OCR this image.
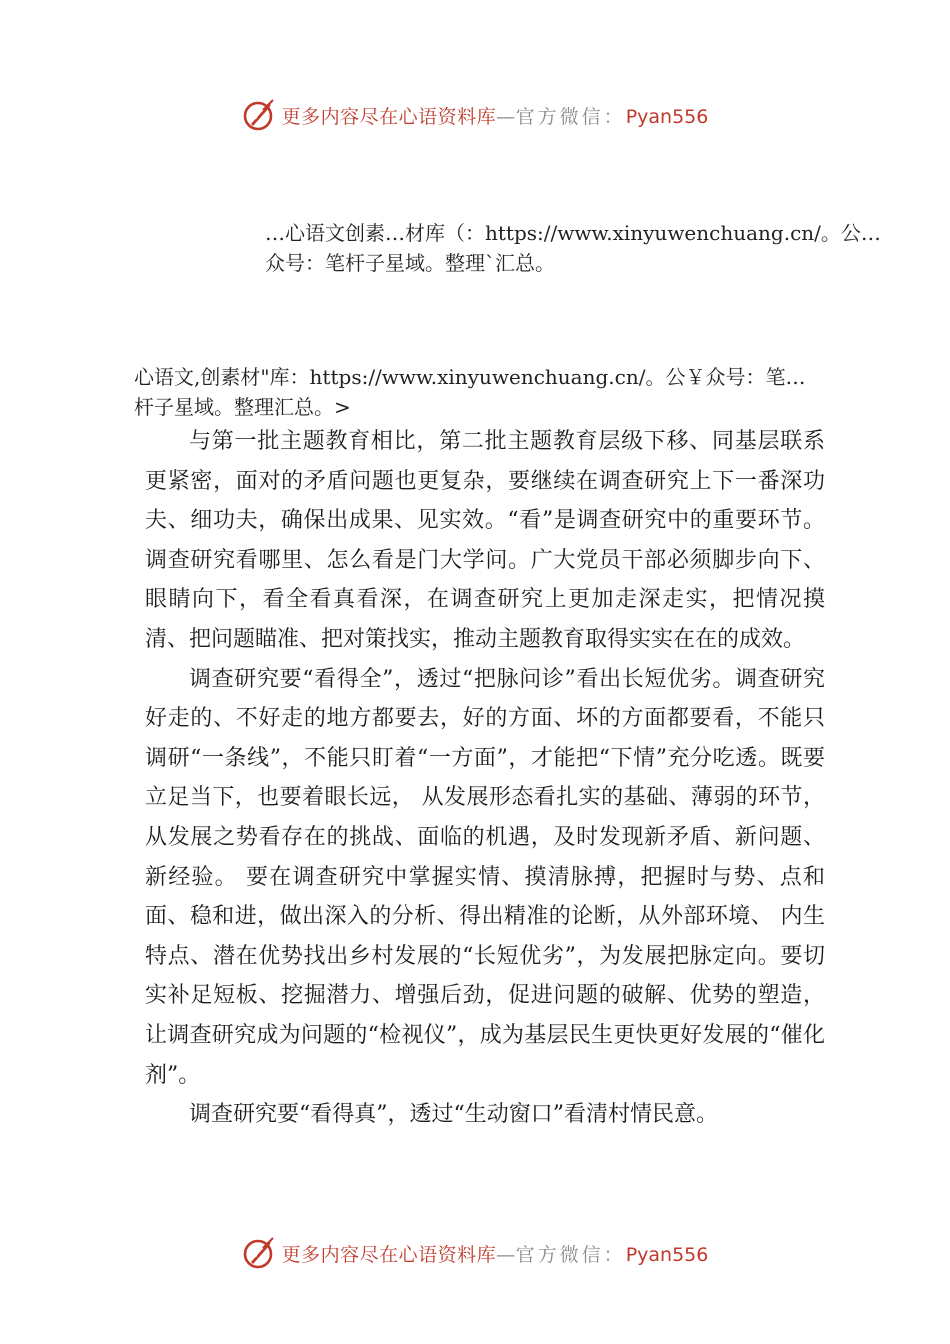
更多内容尽在心语资料库—官方微信：Pyan556
…心语文创素…材库（：https://www.xinyuwenchuang.cn/。公…众号：笔杆子星域。整理`汇总。
心语文,创素材"库：https://www.xinyuwenchuang.cn/。公￥众号：笔…杆子星域。整理汇总。>

与第一批主题教育相比，第二批主题教育层级下移、同基层联系更紧密，面对的矛盾问题也更复杂，要继续在调查研究上下一番深功夫、细功夫，确保出成果、见实效。“看”是调查研究中的重要环节。调查研究看哪里、怎么看是门大学问。广大党员干部必须脚步向下、眼睛向下，看全看真看深，在调查研究上更加走深走实，把情况摸清、把问题瞄准、把对策找实，推动主题教育取得实实在在的成效。

调查研究要“看得全”，透过“把脉问诊”看出长短优劣。调查研究好走的、不好走的地方都要去，好的方面、坏的方面都要看，不能只调研“一条线”，不能只盯着“一方面”，才能把“下情”充分吃透。既要立足当下，也要着眼长远， 从发展形态看扎实的基础、薄弱的环节，从发展之势看存在的挑战、面临的机遇，及时发现新矛盾、新问题、新经验。 要在调查研究中掌握实情、摸清脉搏，把握时与势、点和面、稳和进，做出深入的分析、得出精准的论断，从外部环境、 内生特点、潜在优势找出乡村发展的“长短优劣”，为发展把脉定向。要切实补足短板、挖掘潜力、增强后劲，促进问题的破解、优势的塑造，让调查研究成为问题的“检视仪”，成为基层民生更快更好发展的“催化剂”。

调查研究要“看得真”，透过“生动窗口”看清村情民意。

更多内容尽在心语资料库—官方微信：Pyan556
